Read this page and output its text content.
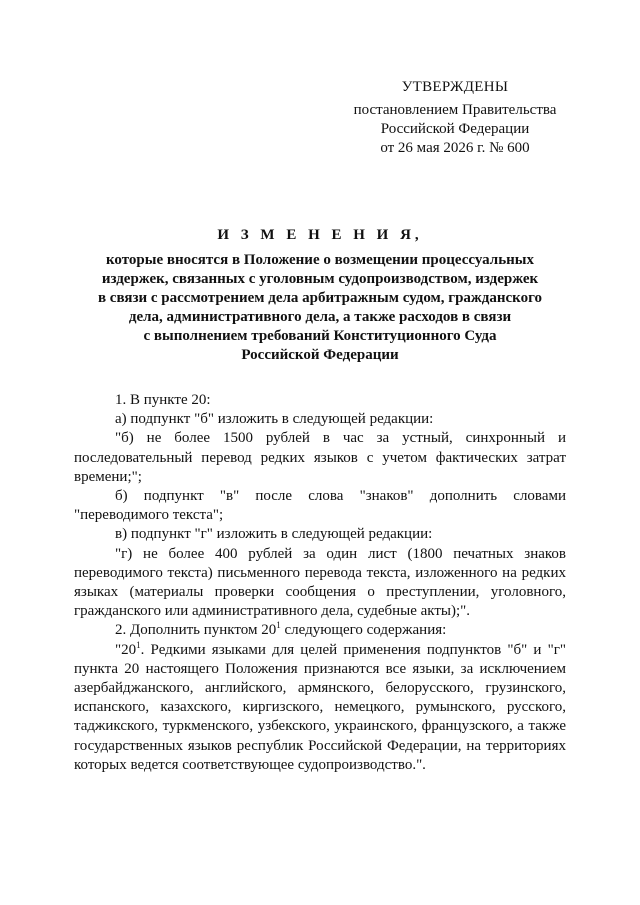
УТВЕРЖДЕНЫ
постановлением Правительства
Российской Федерации
от 26 мая 2026 г. № 600
И З М Е Н Е Н И Я,
которые вносятся в Положение о возмещении процессуальных
издержек, связанных с уголовным судопроизводством, издержек
в связи с рассмотрением дела арбитражным судом, гражданского
дела, административного дела, а также расходов в связи
с выполнением требований Конституционного Суда
Российской Федерации
1. В пункте 20:
а) подпункт "б" изложить в следующей редакции:
"б) не более 1500 рублей в час за устный, синхронный и последовательный перевод редких языков с учетом фактических затрат времени;";
б) подпункт "в" после слова "знаков" дополнить словами "переводимого текста";
в) подпункт "г" изложить в следующей редакции:
"г) не более 400 рублей за один лист (1800 печатных знаков переводимого текста) письменного перевода текста, изложенного на редких языках (материалы проверки сообщения о преступлении, уголовного, гражданского или административного дела, судебные акты);".
2. Дополнить пунктом $20^1$ следующего содержания:
"$20^1$. Редкими языками для целей применения подпунктов "б" и "г" пункта 20 настоящего Положения признаются все языки, за исключением азербайджанского, английского, армянского, белорусского, грузинского, испанского, казахского, киргизского, немецкого, румынского, русского, таджикского, туркменского, узбекского, украинского, французского, а также государственных языков республик Российской Федерации, на территориях которых ведется соответствующее судопроизводство.".
